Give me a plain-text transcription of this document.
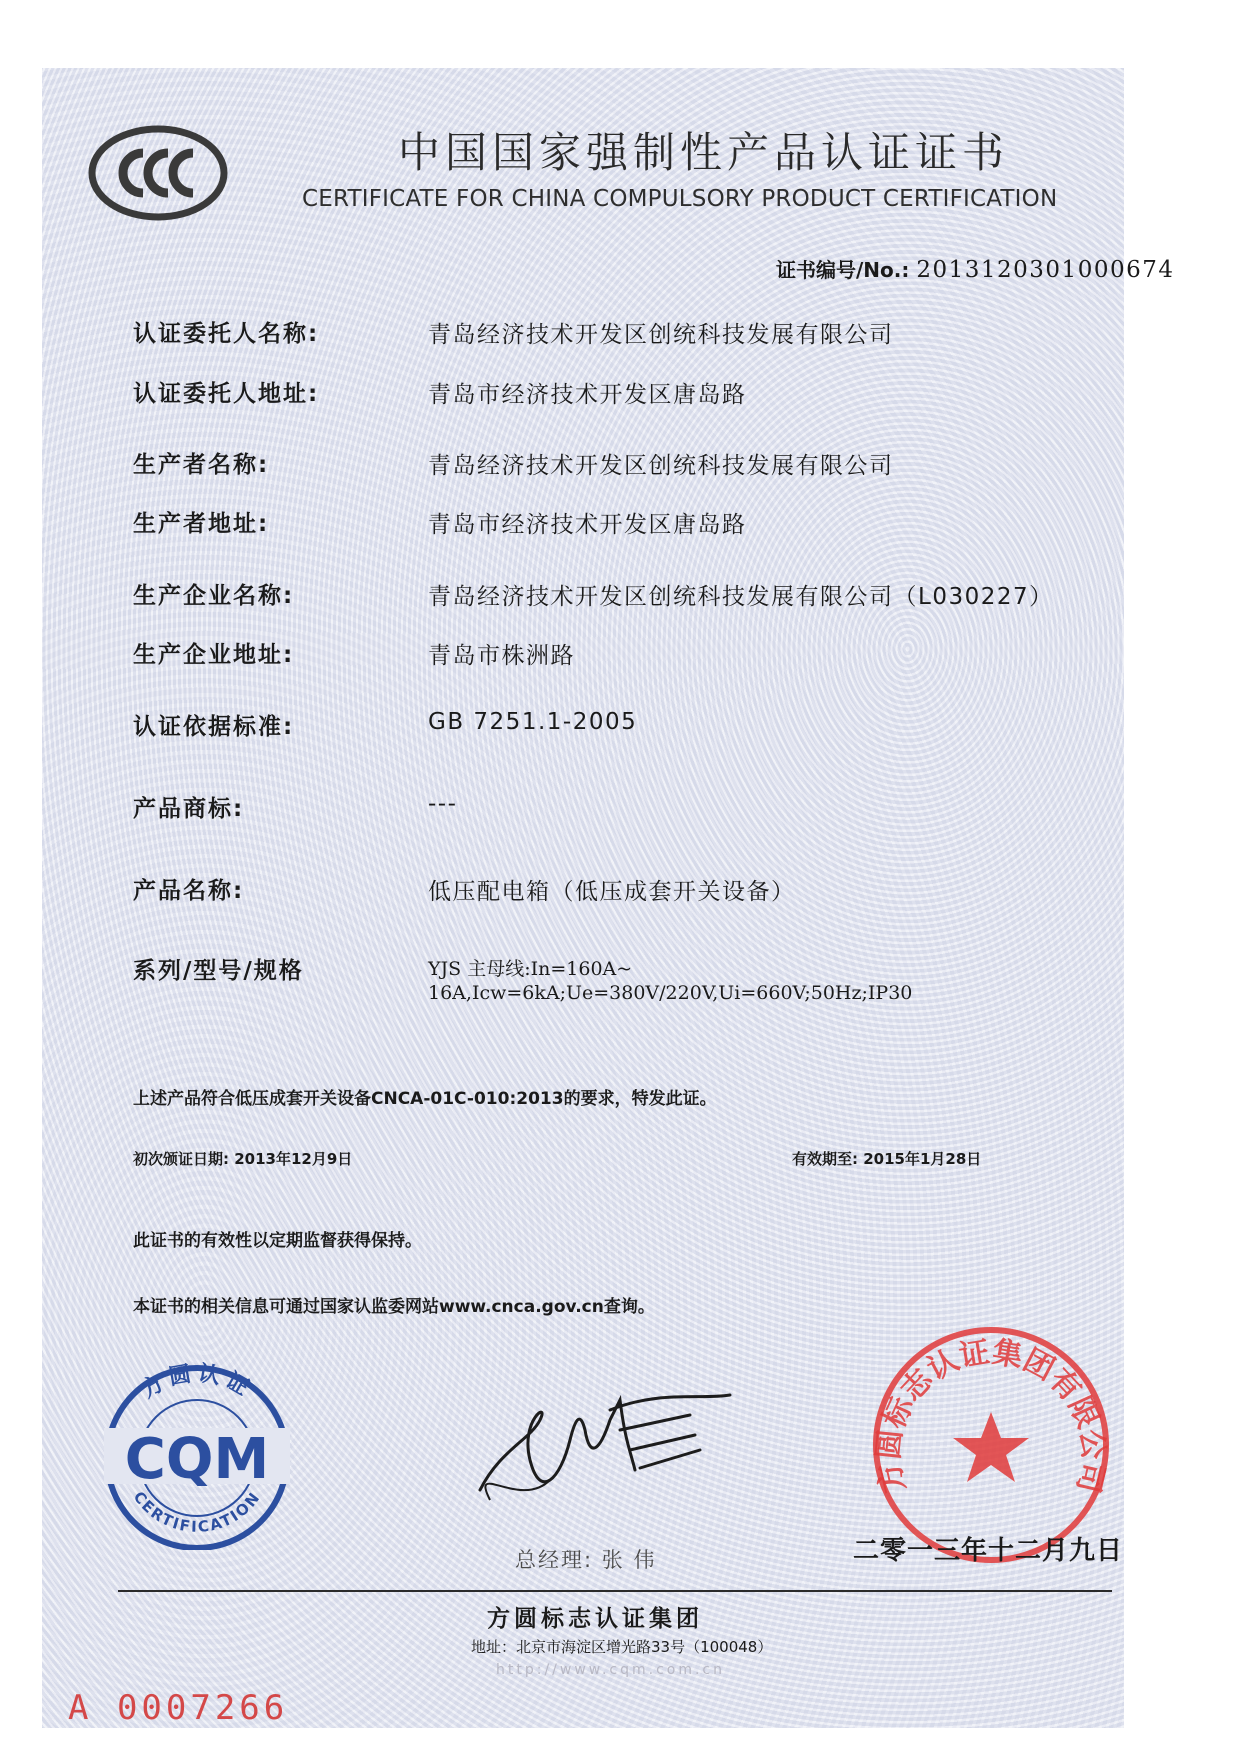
中国国家强制性产品认证证书
CERTIFICATE FOR CHINA COMPULSORY PRODUCT CERTIFICATION
证书编号/No.: 2013120301000674
认证委托人名称:	青岛经济技术开发区创统科技发展有限公司
认证委托人地址:	青岛市经济技术开发区唐岛路
生产者名称:	青岛经济技术开发区创统科技发展有限公司
生产者地址:	青岛市经济技术开发区唐岛路
生产企业名称:	青岛经济技术开发区创统科技发展有限公司（L030227）
生产企业地址:	青岛市株洲路
认证依据标准:	GB 7251.1-2005
产品商标:	---
产品名称:	低压配电箱（低压成套开关设备）
系列/型号/规格	YJS 主母线:In=160A~
16A,Icw=6kA;Ue=380V/220V,Ui=660V;50Hz;IP30
上述产品符合低压成套开关设备CNCA-01C-010:2013的要求，特发此证。
初次颁证日期: 2013年12月9日	有效期至: 2015年1月28日
此证书的有效性以定期监督获得保持。
本证书的相关信息可通过国家认监委网站www.cnca.gov.cn查询。
方圆认证
CQM
CERTIFICATION
总经理: 张 伟
方圆标志认证集团有限公司
二零一三年十二月九日
方圆标志认证集团
地址：北京市海淀区增光路33号（100048）
http://www.cqm.com.cn
A 0007266
